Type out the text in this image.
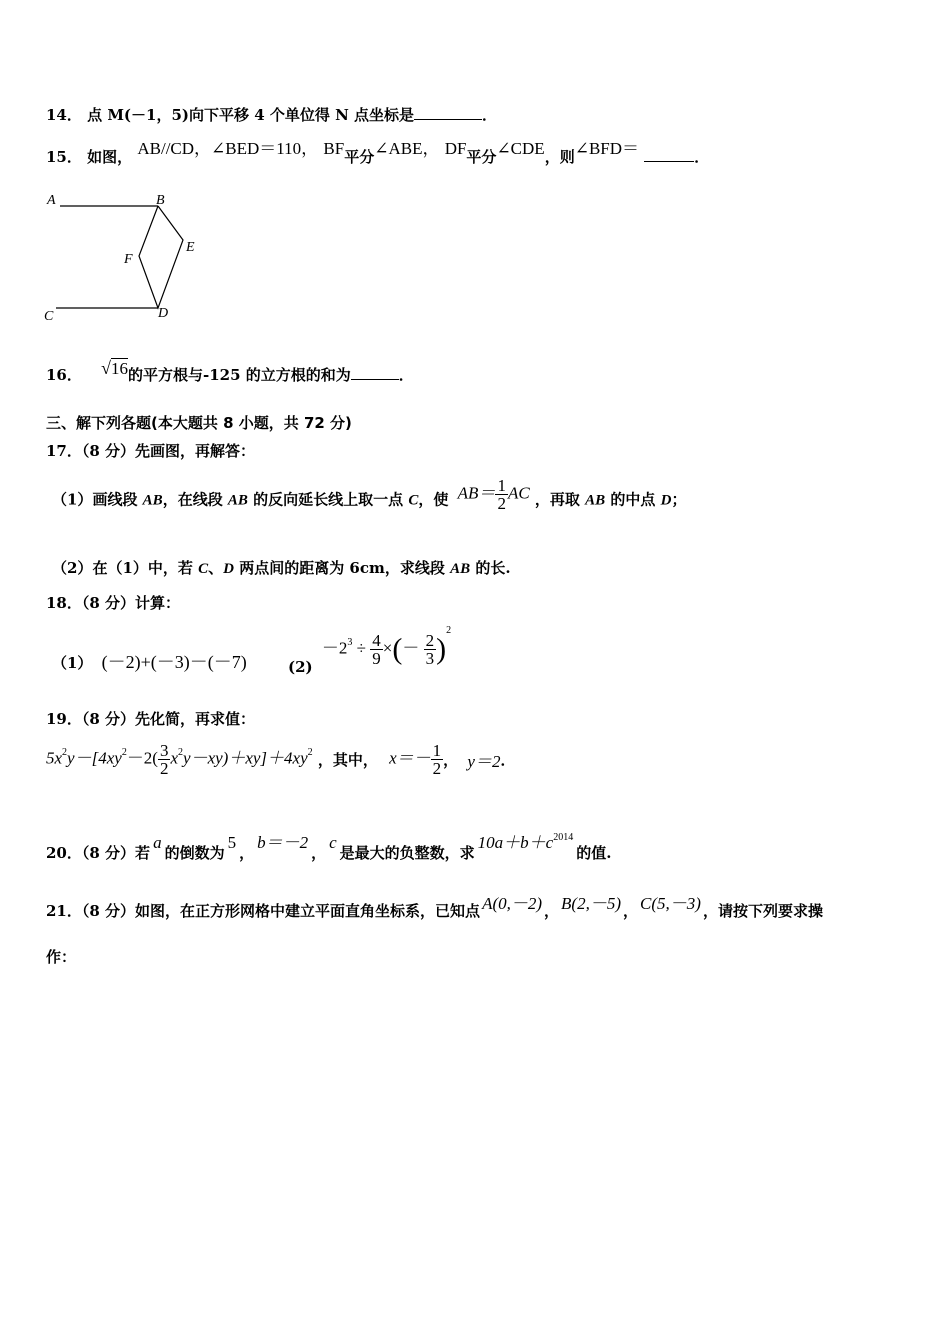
14． 点 M(－1，5)向下平移 4 个单位得 N 点坐标是	．
15． 如图， AB//CD，∠BED＝110， BF平分∠ABE， DF平分∠CDE，则∠BFD＝	．
A	B
C	D
E
F
16． √16的平方根与-125 的立方根的和为	．
三、解下列各题(本大题共 8 小题，共 72 分)
17．（8 分）先画图，再解答：
（1）画线段 AB，在线段 AB 的反向延长线上取一点 C，使 $AB= \frac{1}{2}$ AC ，再取 AB 的中点 D；
（2）在（1）中，若 C、D 两点间的距离为 6cm，求线段 AB 的长.
18．（8 分）计算：
（1） (－2)+(－3)－(－7)	$(2) -2^3 \div \frac{4}{9}$ ×(－ $\frac{2}{3} )^2$
19．（8 分）先化简，再求值：
$5x^2y-[4xy^2-2( \frac{3}{2} x^2y-xy)+xy]+4xy^2$ ，其中， $x=- \frac{1}{2}$ ， y＝2．
20．（8 分）若a的倒数为5，b＝－2，c是最大的负整数，求$10a+b+c^{2014}$的值.
21．（8 分）如图，在正方形网格中建立平面直角坐标系，已知点 A(0,－2) ， B(2,－5) ， C(5,－3) ，请按下列要求操
作：
